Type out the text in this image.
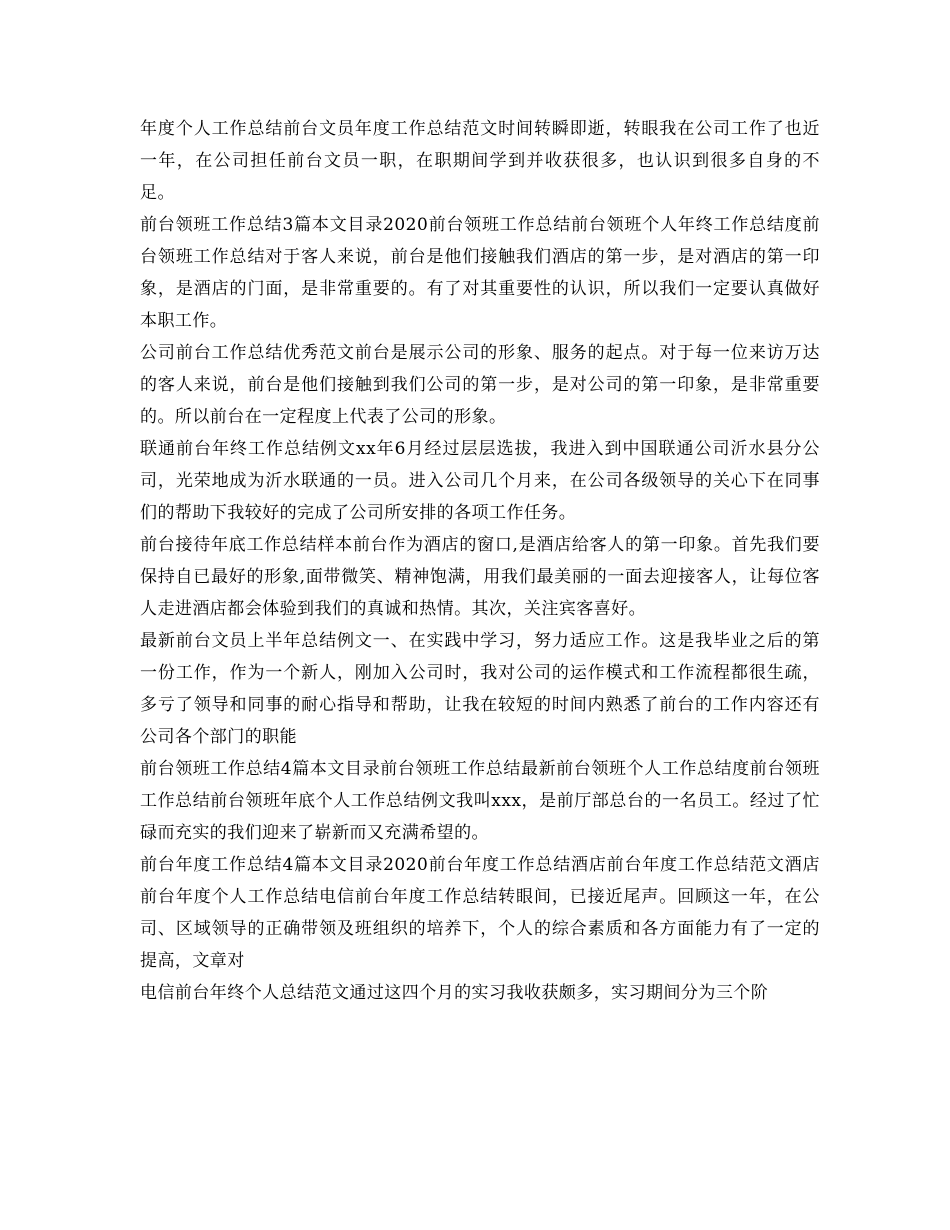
年度个人工作总结前台文员年度工作总结范文时间转瞬即逝，转眼我在公司工作了也近一年，在公司担任前台文员一职，在职期间学到并收获很多，也认识到很多自身的不足。

前台领班工作总结3篇本文目录2020前台领班工作总结前台领班个人年终工作总结度前台领班工作总结对于客人来说，前台是他们接触我们酒店的第一步，是对酒店的第一印象，是酒店的门面，是非常重要的。有了对其重要性的认识，所以我们一定要认真做好本职工作。

公司前台工作总结优秀范文前台是展示公司的形象、服务的起点。对于每一位来访万达的客人来说，前台是他们接触到我们公司的第一步，是对公司的第一印象，是非常重要的。所以前台在一定程度上代表了公司的形象。

联通前台年终工作总结例文xx年6月经过层层选拔，我进入到中国联通公司沂水县分公司，光荣地成为沂水联通的一员。进入公司几个月来，在公司各级领导的关心下在同事们的帮助下我较好的完成了公司所安排的各项工作任务。

前台接待年底工作总结样本前台作为酒店的窗口,是酒店给客人的第一印象。首先我们要保持自已最好的形象,面带微笑、精神饱满，用我们最美丽的一面去迎接客人，让每位客人走进酒店都会体验到我们的真诚和热情。其次，关注宾客喜好。

最新前台文员上半年总结例文一、在实践中学习，努力适应工作。这是我毕业之后的第一份工作，作为一个新人，刚加入公司时，我对公司的运作模式和工作流程都很生疏，多亏了领导和同事的耐心指导和帮助，让我在较短的时间内熟悉了前台的工作内容还有公司各个部门的职能

前台领班工作总结4篇本文目录前台领班工作总结最新前台领班个人工作总结度前台领班工作总结前台领班年底个人工作总结例文我叫xxx，是前厅部总台的一名员工。经过了忙碌而充实的我们迎来了崭新而又充满希望的。

前台年度工作总结4篇本文目录2020前台年度工作总结酒店前台年度工作总结范文酒店前台年度个人工作总结电信前台年度工作总结转眼间，已接近尾声。回顾这一年，在公司、区域领导的正确带领及班组织的培养下，个人的综合素质和各方面能力有了一定的提高，文章对

电信前台年终个人总结范文通过这四个月的实习我收获颇多，实习期间分为三个阶
